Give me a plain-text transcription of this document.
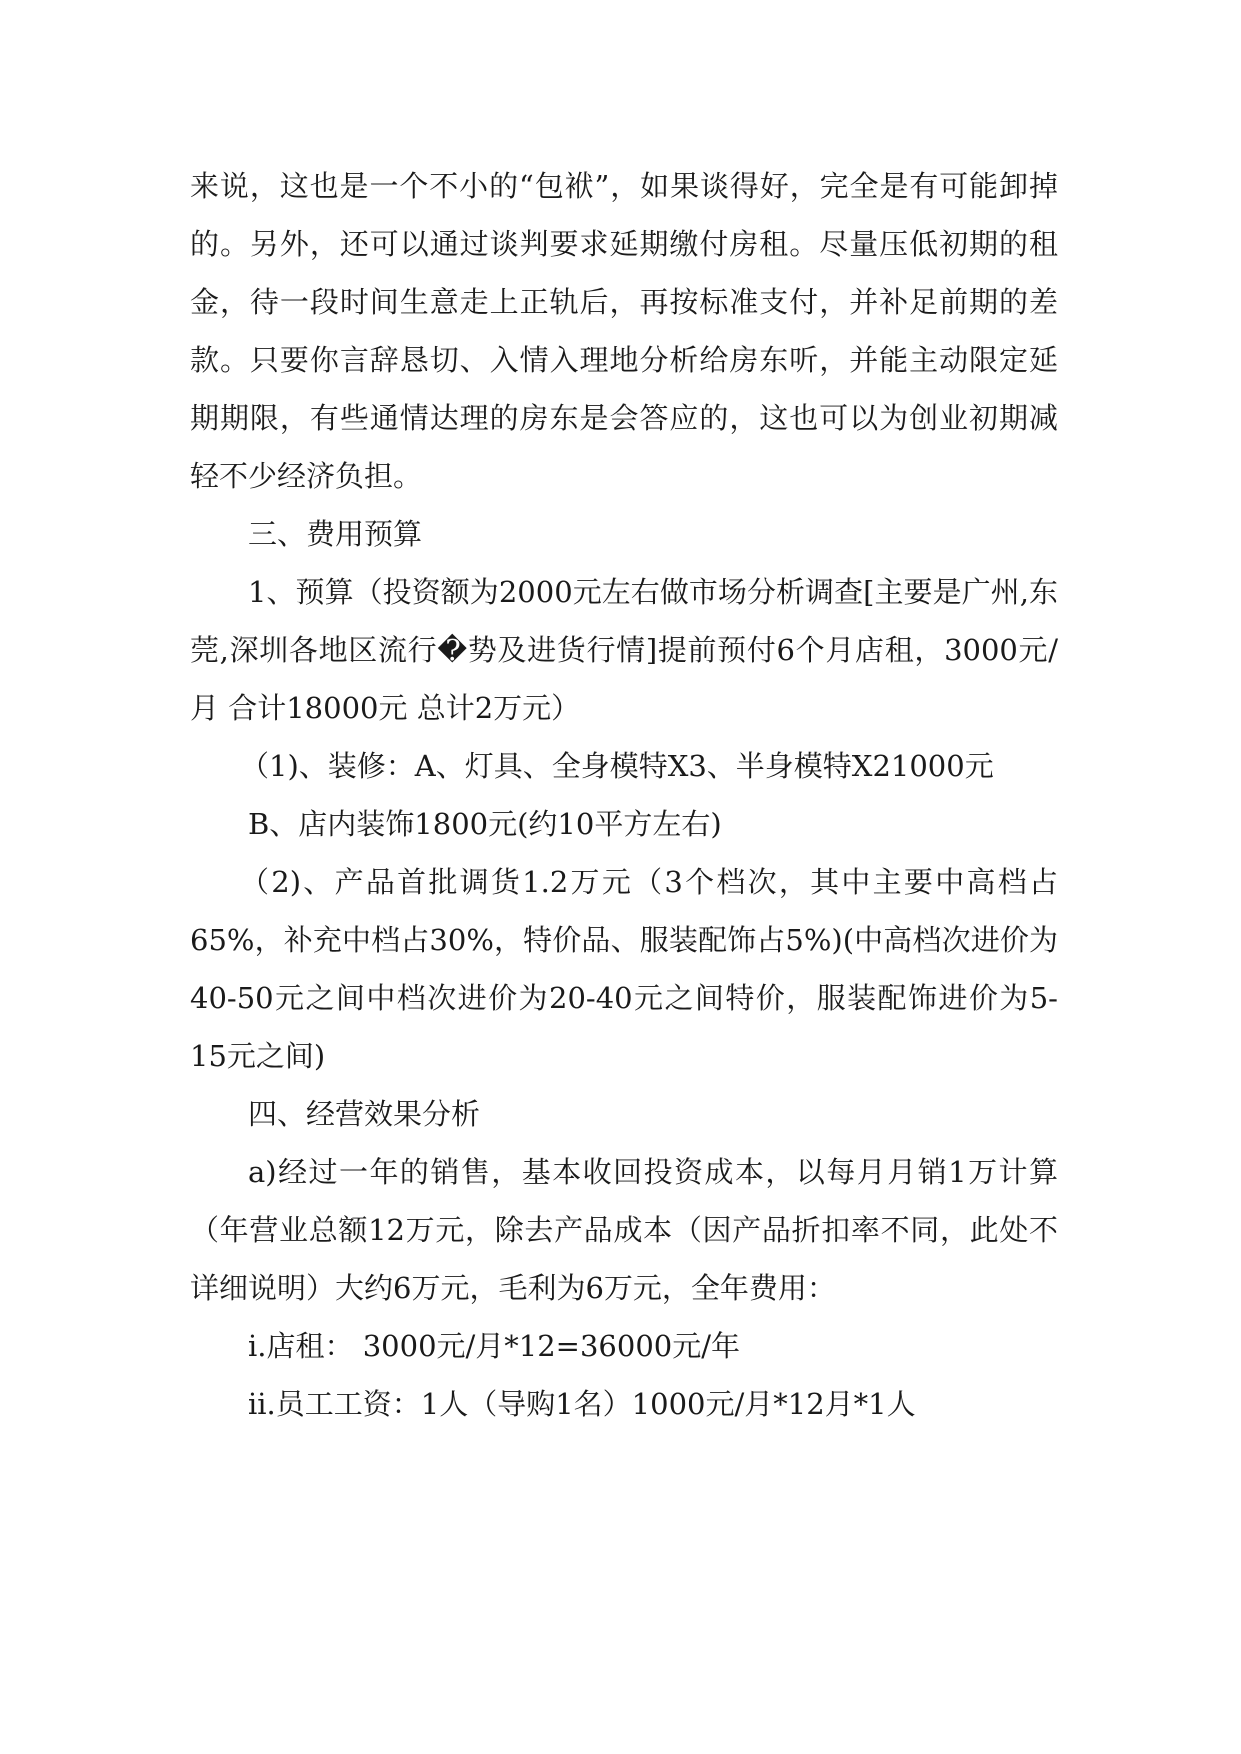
来说，这也是一个不小的“包袱”，如果谈得好，完全是有可能卸掉的。另外，还可以通过谈判要求延期缴付房租。尽量压低初期的租金，待一段时间生意走上正轨后，再按标准支付，并补足前期的差款。只要你言辞恳切、入情入理地分析给房东听，并能主动限定延期期限，有些通情达理的房东是会答应的，这也可以为创业初期减轻不少经济负担。

三、费用预算

1、预算（投资额为2000元左右做市场分析调查[主要是广州,东莞,深圳各地区流行�势及进货行情]提前预付6个月店租，3000元/月 合计18000元 总计2万元）

（1)、装修：A、灯具、全身模特X3、半身模特X21000元

B、店内装饰1800元(约10平方左右)

（2)、产品首批调货1.2万元（3个档次，其中主要中高档占65%，补充中档占30%，特价品、服装配饰占5%)(中高档次进价为40-50元之间中档次进价为20-40元之间特价，服装配饰进价为5-15元之间)

四、经营效果分析

a)经过一年的销售，基本收回投资成本，以每月月销1万计算（年营业总额12万元，除去产品成本（因产品折扣率不同，此处不详细说明）大约6万元，毛利为6万元，全年费用：

i.店租： 3000元/月*12=36000元/年

ii.员工工资：1人（导购1名）1000元/月*12月*1人
